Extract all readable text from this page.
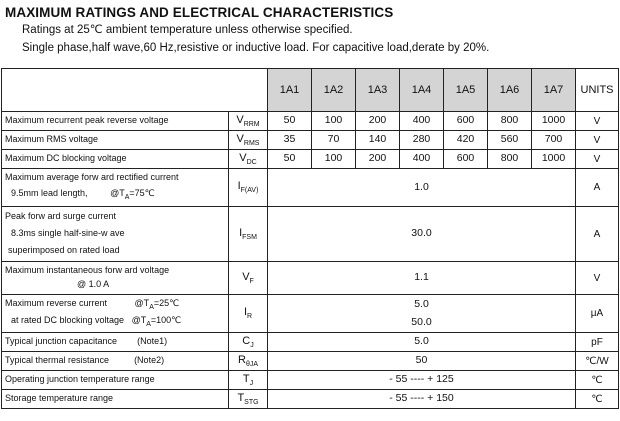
MAXIMUM RATINGS AND ELECTRICAL CHARACTERISTICS
Ratings at 25℃ ambient temperature unless otherwise specified.
Single phase,half wave,60 Hz,resistive or inductive load. For capacitive load,derate by 20%.
		1A1	1A2	1A3	1A4	1A5	1A6	1A7	UNITS
Maximum recurrent peak reverse voltage	$V_{RRM}$	50	100	200	400	600	800	1000	V
Maximum RMS voltage	$V_{RMS}$	35	70	140	280	420	560	700	V
Maximum DC blocking voltage	$V_{DC}$	50	100	200	400	600	800	1000	V

Maximum average forw ard rectified current
9.5mm lead length, $@T_A=75℃$	$I_{F(AV)}$	1.0							A

Peak forw ard surge current
8.3ms single half-sine-w ave
superimposed on rated load	$I_{FSM}$	30.0							A

Maximum instantaneous forw ard voltage
@ 1.0 A	$V_F$	1.1							V

Maximum reverse current $@T_A=25℃$
at rated DC blocking voltage $@T_A=100℃$	$I_R$	5.0
50.0							μA
Typical junction capacitance (Note1)	$C_J$	5.0							pF
Typical thermal resistance (Note2)	$R_{\theta JA}$	50							℃/W
Operating junction temperature range	$T_J$	- 55 ---- + 125							℃
Storage temperature range	$T_{STG}$	- 55 ---- + 150							℃
